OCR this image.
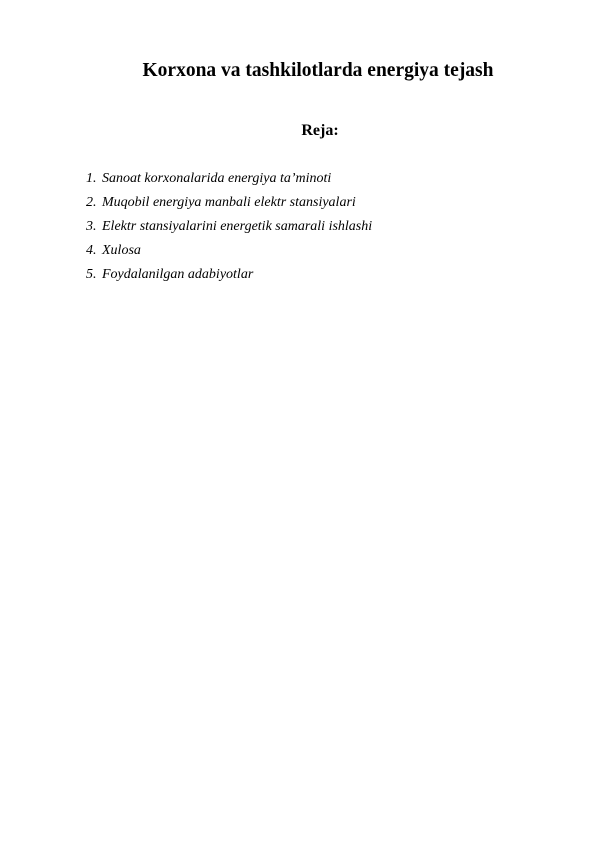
Korxona va tashkilotlarda energiya tejash
Reja:
1. Sanoat korxonalarida energiya ta’minoti
2. Muqobil energiya manbali elektr stansiyalari
3. Elektr stansiyalarini energetik samarali ishlashi
4. Xulosa
5. Foydalanilgan adabiyotlar
